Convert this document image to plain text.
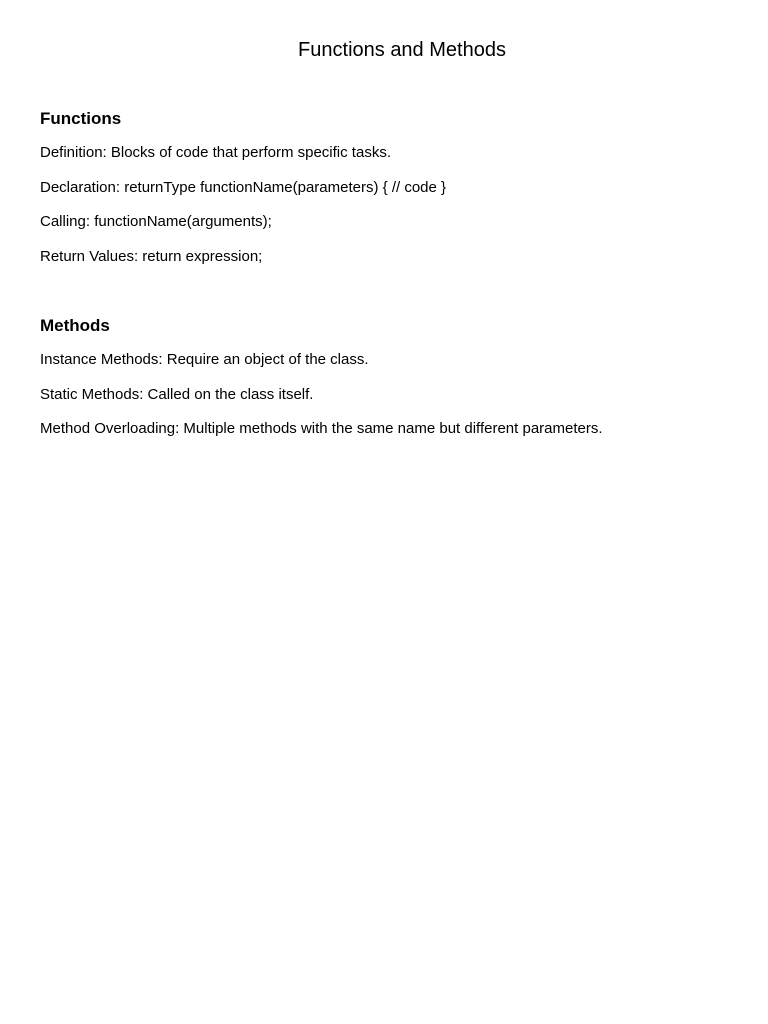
Functions and Methods
Functions

Definition: Blocks of code that perform specific tasks.

Declaration: returnType functionName(parameters) { // code }

Calling: functionName(arguments);

Return Values: return expression;

Methods

Instance Methods: Require an object of the class.

Static Methods: Called on the class itself.

Method Overloading: Multiple methods with the same name but different parameters.
